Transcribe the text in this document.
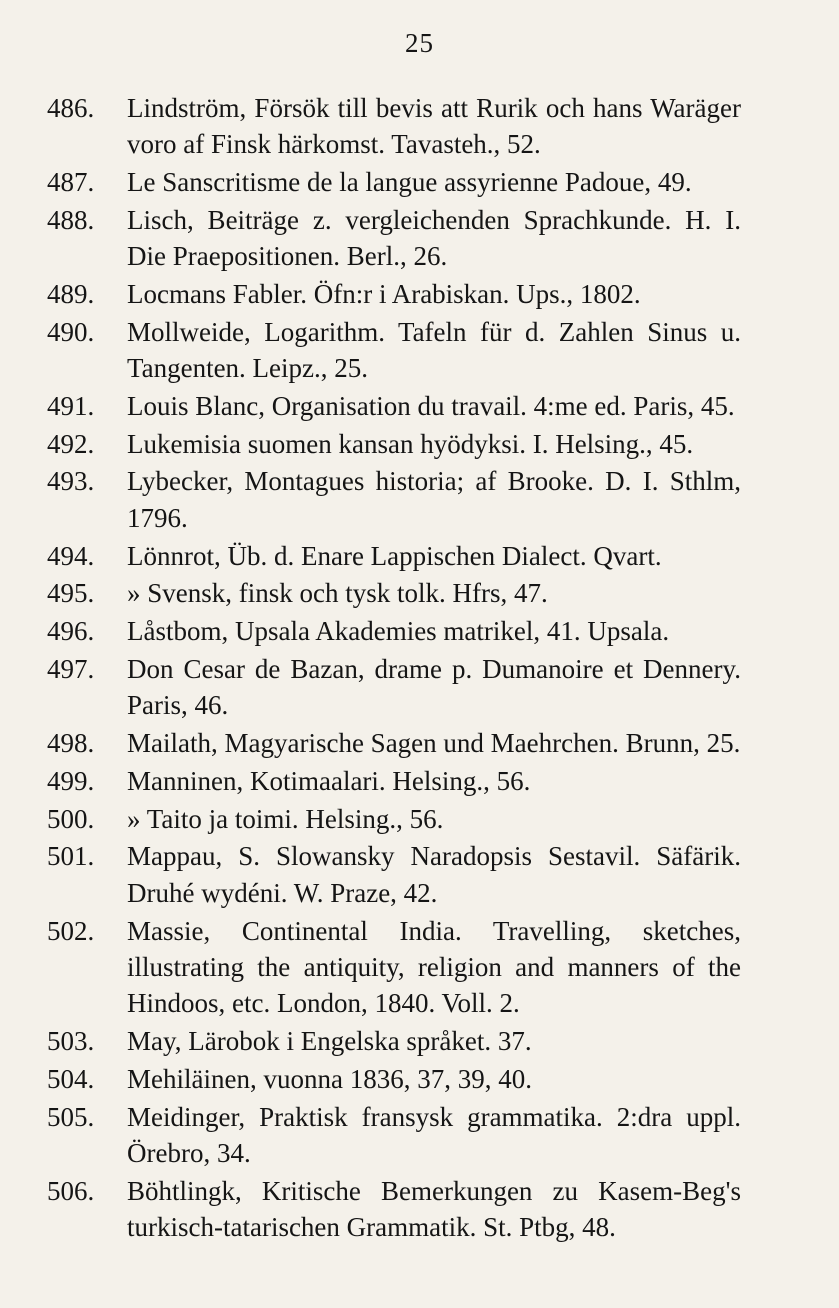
25
486. Lindström, Försök till bevis att Rurik och hans Waräger voro af Finsk härkomst. Tavasteh., 52.
487. Le Sanscritisme de la langue assyrienne Padoue, 49.
488. Lisch, Beiträge z. vergleichenden Sprachkunde. H. I. Die Praepositionen. Berl., 26.
489. Locmans Fabler. Öfn:r i Arabiskan. Ups., 1802.
490. Mollweide, Logarithm. Tafeln für d. Zahlen Sinus u. Tangenten. Leipz., 25.
491. Louis Blanc, Organisation du travail. 4:me ed. Paris, 45.
492. Lukemisia suomen kansan hyödyksi. I. Helsing., 45.
493. Lybecker, Montagues historia; af Brooke. D. I. Sthlm, 1796.
494. Lönnrot, Üb. d. Enare Lappischen Dialect. Qvart.
495. » Svensk, finsk och tysk tolk. Hfrs, 47.
496. Låstbom, Upsala Akademies matrikel, 41. Upsala.
497. Don Cesar de Bazan, drame p. Dumanoire et Dennery. Paris, 46.
498. Mailath, Magyarische Sagen und Maehrchen. Brunn, 25.
499. Manninen, Kotimaalari. Helsing., 56.
500. » Taito ja toimi. Helsing., 56.
501. Mappau, S. Slowansky Naradopsis Sestavil. Säfärik. Druhé wydéni. W. Praze, 42.
502. Massie, Continental India. Travelling, sketches, illustrating the antiquity, religion and manners of the Hindoos, etc. London, 1840. Voll. 2.
503. May, Lärobok i Engelska språket. 37.
504. Mehiläinen, vuonna 1836, 37, 39, 40.
505. Meidinger, Praktisk fransysk grammatika. 2:dra uppl. Örebro, 34.
506. Böhtlingk, Kritische Bemerkungen zu Kasem-Beg's turkisch-tatarischen Grammatik. St. Ptbg, 48.
